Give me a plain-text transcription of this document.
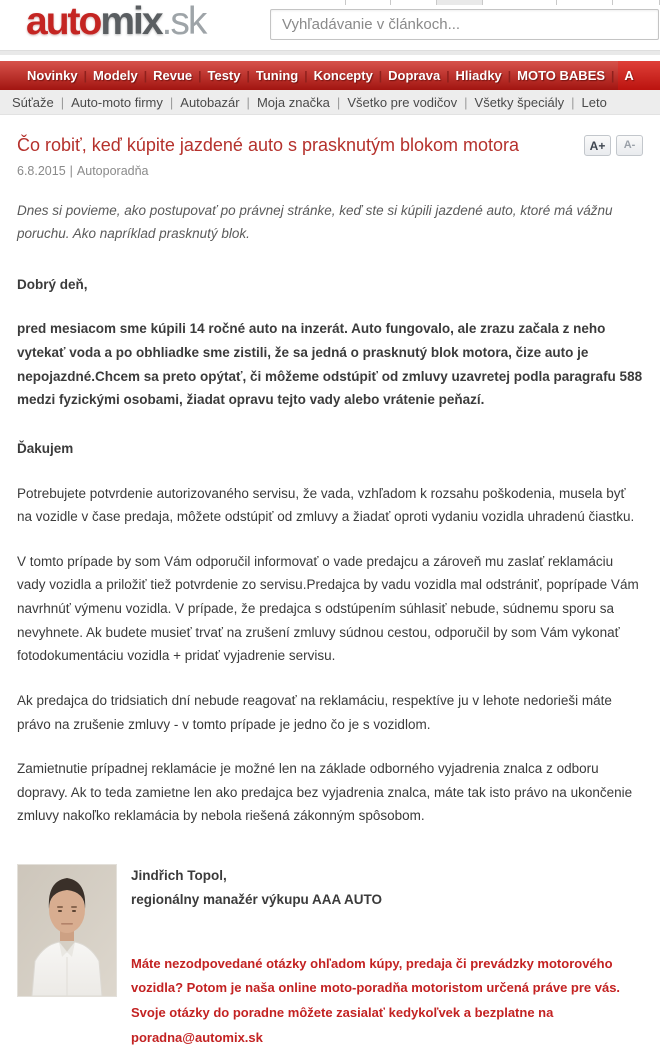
automix.sk
Vyhľadávanie v článkoch...
Novinky | Modely | Revue | Testy | Tuning | Koncepty | Doprava | Hliadky | MOTO BABES | A
Súťaže | Auto-moto firmy | Autobazár | Moja značka | Všetko pre vodičov | Všetky špeciály | Leto
Čo robiť, keď kúpite jazdené auto s prasknutým blokom motora	A+	A-
6.8.2015 | Autoporadňa

Dnes si povieme, ako postupovať po právnej stránke, keď ste si kúpili jazdené auto, ktoré má vážnu poruchu. Ako napríklad prasknutý blok.

Dobrý deň,

pred mesiacom sme kúpili 14 ročné auto na inzerát. Auto fungovalo, ale zrazu začala z neho vytekať voda a po obhliadke sme zistili, že sa jedná o prasknutý blok motora, čize auto je nepojazdné.Chcem sa preto opýtať, či môžeme odstúpiť od zmluvy uzavretej podla paragrafu 588 medzi fyzickými osobami, žiadat opravu tejto vady alebo vrátenie peňazí.

Ďakujem

Potrebujete potvrdenie autorizovaného servisu, že vada, vzhľadom k rozsahu poškodenia, musela byť na vozidle v čase predaja, môžete odstúpiť od zmluvy a žiadať oproti vydaniu vozidla uhradenú čiastku.

V tomto prípade by som Vám odporučil informovať o vade predajcu a zároveň mu zaslať reklamáciu vady vozidla a priložiť tiež potvrdenie zo servisu.Predajca by vadu vozidla mal odstrániť, poprípade Vám navrhnúť výmenu vozidla. V prípade, že predajca s odstúpením súhlasiť nebude, súdnemu sporu sa nevyhnete. Ak budete musieť trvať na zrušení zmluvy súdnou cestou, odporučil by som Vám vykonať fotodokumentáciu vozidla + pridať vyjadrenie servisu.

Ak predajca do tridsiatich dní nebude reagovať na reklamáciu, respektíve ju v lehote nedorieši máte právo na zrušenie zmluvy - v tomto prípade je jedno čo je s vozidlom.

Zamietnutie prípadnej reklamácie je možné len na základe odborného vyjadrenia znalca z odboru dopravy. Ak to teda zamietne len ako predajca bez vyjadrenia znalca, máte tak isto právo na ukončenie zmluvy nakoľko reklamácia by nebola riešená zákonným spôsobom.

Jindřich Topol,

regionálny manažér výkupu AAA AUTO

Máte nezodpovedané otázky ohľadom kúpy, predaja či prevádzky motorového vozidla? Potom je naša online moto-poradňa motoristom určená práve pre vás. Svoje otázky do poradne môžete zasialať kedykoľvek a bezplatne na poradna@automix.sk
